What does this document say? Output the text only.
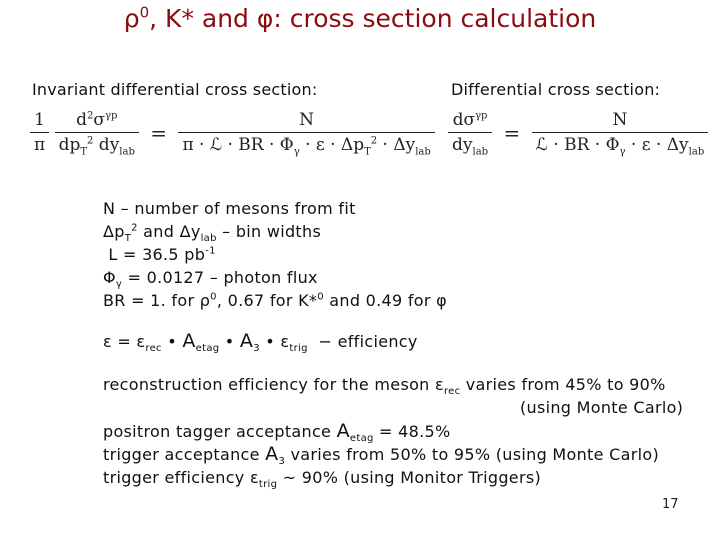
$\rho^0$, K* and φ: cross section calculation
Invariant differential cross section:	Differential cross section:
$\frac{1}{\pi}$
$\frac{d^2\sigma^{\gamma p}}{dp_T^2 dy_{lab}} = \frac{N}{\pi \cdot ℒ \cdot BR \cdot \Phi_\gamma \cdot \varepsilon \cdot \Delta p_T^2 \cdot \Delta y_{lab}} \frac{d\sigma^{\gamma p}}{dy_{lab}} = \frac{N}{ℒ \cdot BR \cdot \Phi_\gamma \cdot \varepsilon \cdot \Delta y_{lab}}$
N – number of mesons from fit
$\Delta p_T^2$ and $\Delta y_{lab}$ – bin widths
L = 36.5 $pb^{-1}$
$\Phi_\gamma = 0.0127$ – photon flux
BR = 1. for $\rho^0$, 0.67 for K*$^0$ and 0.49 for φ
$\varepsilon = \varepsilon_{rec}$ • $A_{etag}$ • $A_3$ • $\varepsilon_{trig}$  − efficiency
reconstruction efficiency for the meson $\varepsilon_{rec}$ varies from 45% to 90%
(using Monte Carlo)
positron tagger acceptance $A_{etag} = 48.5\%$
trigger acceptance $A_3$ varies from 50% to 95% (using Monte Carlo)
trigger efficiency $\varepsilon_{trig}$ ~ 90% (using Monitor Triggers)
17
